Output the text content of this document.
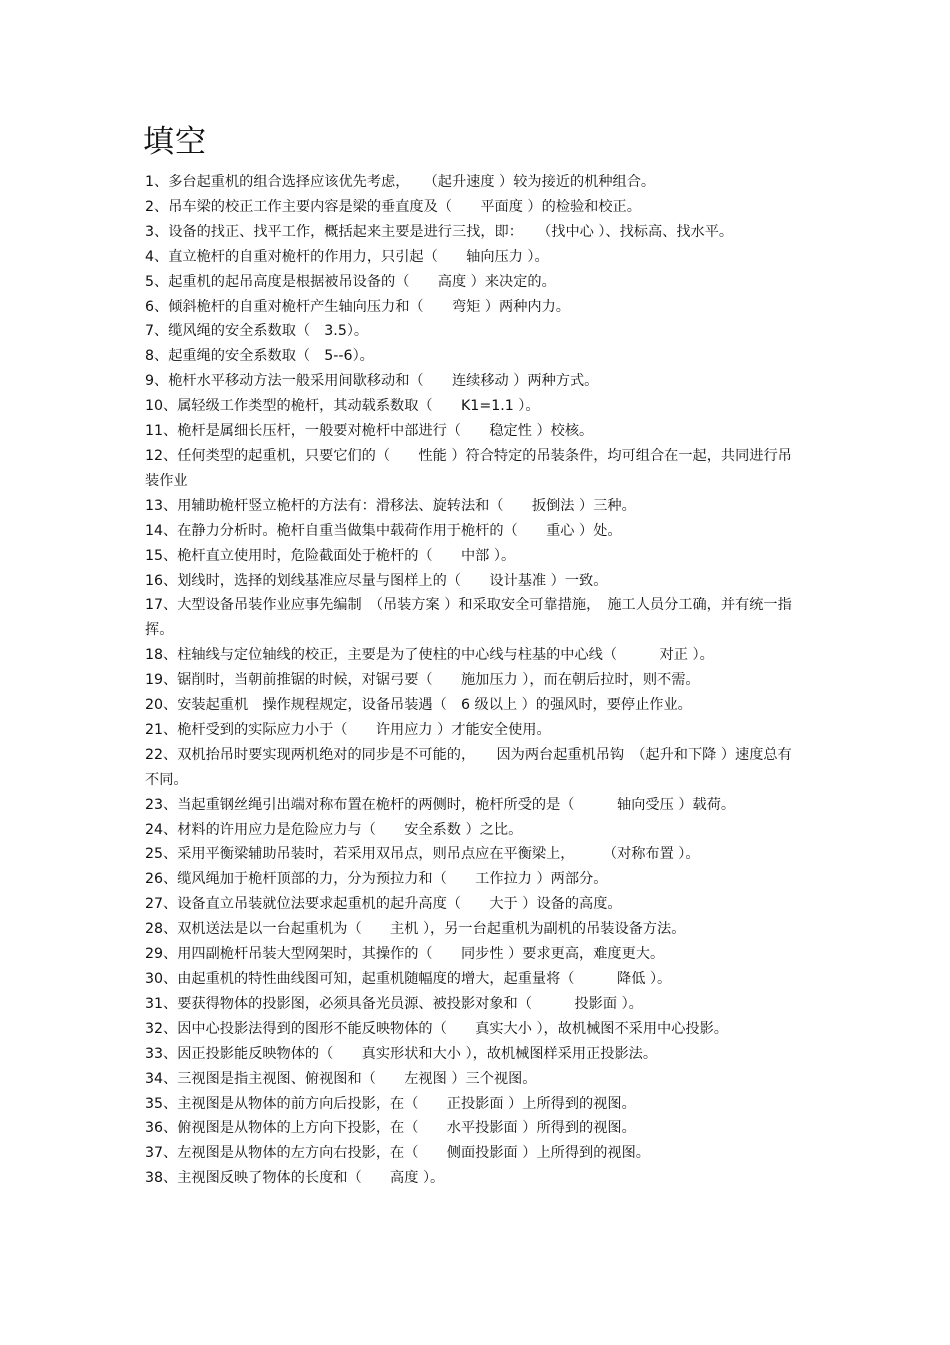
填空

1、多台起重机的组合选择应该优先考虑，　　（起升速度 ）较为接近的机种组合。

2、吊车梁的校正工作主要内容是梁的垂直度及（　　平面度 ）的检验和校正。

3、设备的找正、找平工作，概括起来主要是进行三找，即：　　（找中心 ）、找标高、找水平。

4、直立桅杆的自重对桅杆的作用力，只引起（　　轴向压力 ）。

5、起重机的起吊高度是根据被吊设备的（　　高度 ）来决定的。

6、倾斜桅杆的自重对桅杆产生轴向压力和（　　弯矩 ）两种内力。

7、缆风绳的安全系数取（　3.5）。

8、起重绳的安全系数取（　5--6）。

9、桅杆水平移动方法一般采用间歇移动和（　　连续移动 ）两种方式。

10、属轻级工作类型的桅杆，其动载系数取（　　K1=1.1 ）。

11、桅杆是属细长压杆，一般要对桅杆中部进行（　　稳定性 ）校核。

12、任何类型的起重机，只要它们的（　　性能 ）符合特定的吊装条件，均可组合在一起，共同进行吊装作业

13、用辅助桅杆竖立桅杆的方法有：滑移法、旋转法和（　　扳倒法 ）三种。

14、在静力分析时。桅杆自重当做集中载荷作用于桅杆的（　　重心 ）处。

15、桅杆直立使用时，危险截面处于桅杆的（　　中部 ）。

16、划线时，选择的划线基准应尽量与图样上的（　　设计基准 ）一致。

17、大型设备吊装作业应事先编制　（吊装方案 ）和采取安全可靠措施，　施工人员分工确，并有统一指挥。

18、柱轴线与定位轴线的校正，主要是为了使柱的中心线与柱基的中心线（　　　对正 ）。

19、锯削时，当朝前推锯的时候，对锯弓要（　　施加压力 ），而在朝后拉时，则不需。

20、安装起重机　操作规程规定，设备吊装遇（　6 级以上 ）的强风时，要停止作业。

21、桅杆受到的实际应力小于（　　许用应力 ）才能安全使用。

22、双机抬吊时要实现两机绝对的同步是不可能的，　　因为两台起重机吊钩　（起升和下降 ）速度总有不同。

23、当起重钢丝绳引出端对称布置在桅杆的两侧时，桅杆所受的是（　　　轴向受压 ）载荷。

24、材料的许用应力是危险应力与（　　安全系数 ）之比。

25、采用平衡梁辅助吊装时，若采用双吊点，则吊点应在平衡梁上，　　　（对称布置 ）。

26、缆风绳加于桅杆顶部的力，分为预拉力和（　　工作拉力 ）两部分。

27、设备直立吊装就位法要求起重机的起升高度（　　大于 ）设备的高度。

28、双机送法是以一台起重机为（　　主机 ），另一台起重机为副机的吊装设备方法。

29、用四副桅杆吊装大型网架时，其操作的（　　同步性 ）要求更高，难度更大。

30、由起重机的特性曲线图可知，起重机随幅度的增大，起重量将（　　　降低 ）。

31、要获得物体的投影图，必须具备光员源、被投影对象和（　　　投影面 ）。

32、因中心投影法得到的图形不能反映物体的（　　真实大小 ），故机械图不采用中心投影。

33、因正投影能反映物体的（　　真实形状和大小 ），故机械图样采用正投影法。

34、三视图是指主视图、俯视图和（　　左视图 ）三个视图。

35、主视图是从物体的前方向后投影，在（　　正投影面 ）上所得到的视图。

36、俯视图是从物体的上方向下投影，在（　　水平投影面 ）所得到的视图。

37、左视图是从物体的左方向右投影，在（　　侧面投影面 ）上所得到的视图。

38、主视图反映了物体的长度和（　　高度 ）。
